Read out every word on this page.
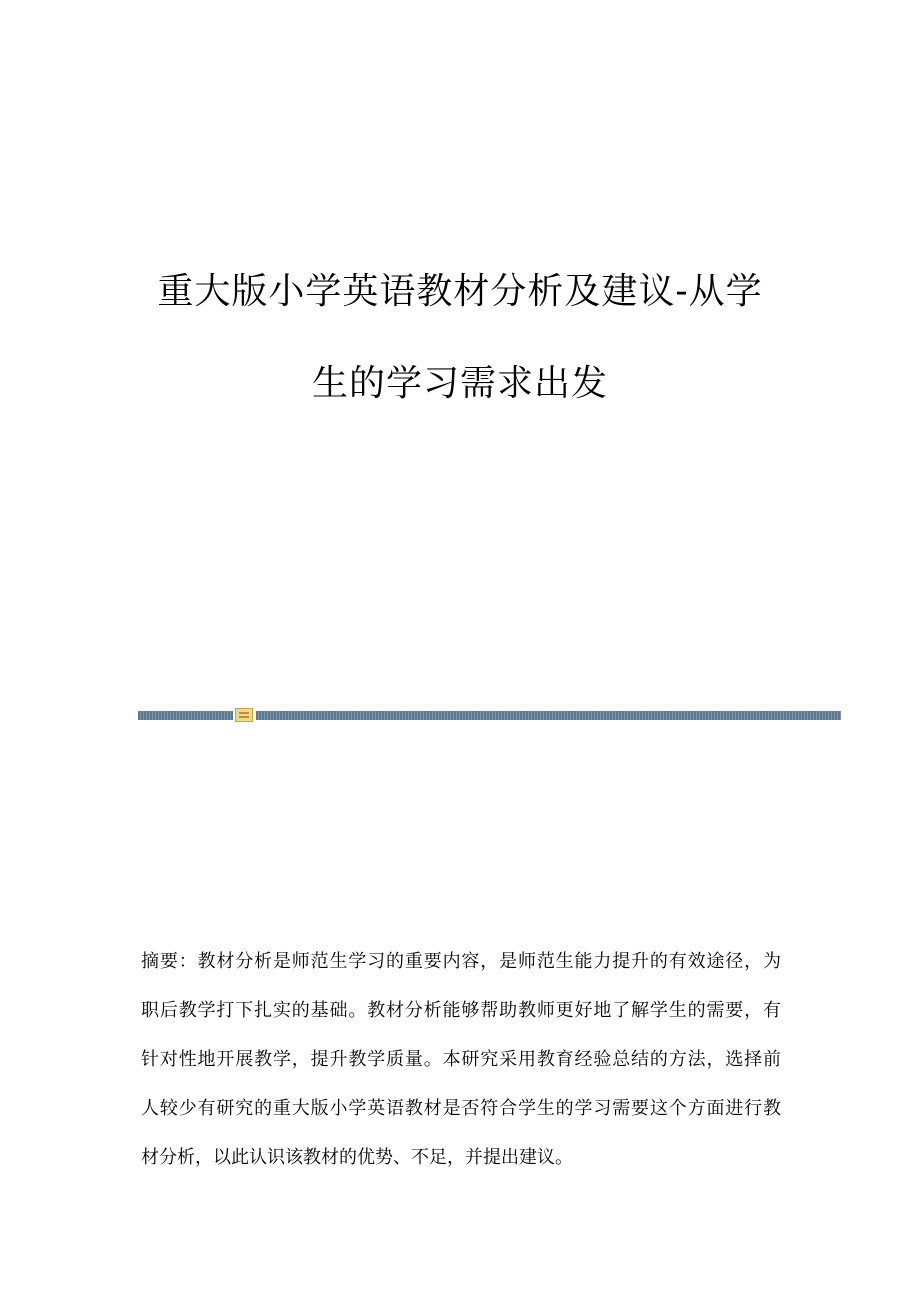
重大版小学英语教材分析及建议-从学
生的学习需求出发
摘要：教材分析是师范生学习的重要内容，是师范生能力提升的有效途径，为
职后教学打下扎实的基础。教材分析能够帮助教师更好地了解学生的需要，有
针对性地开展教学，提升教学质量。本研究采用教育经验总结的方法，选择前
人较少有研究的重大版小学英语教材是否符合学生的学习需要这个方面进行教
材分析，以此认识该教材的优势、不足，并提出建议。
